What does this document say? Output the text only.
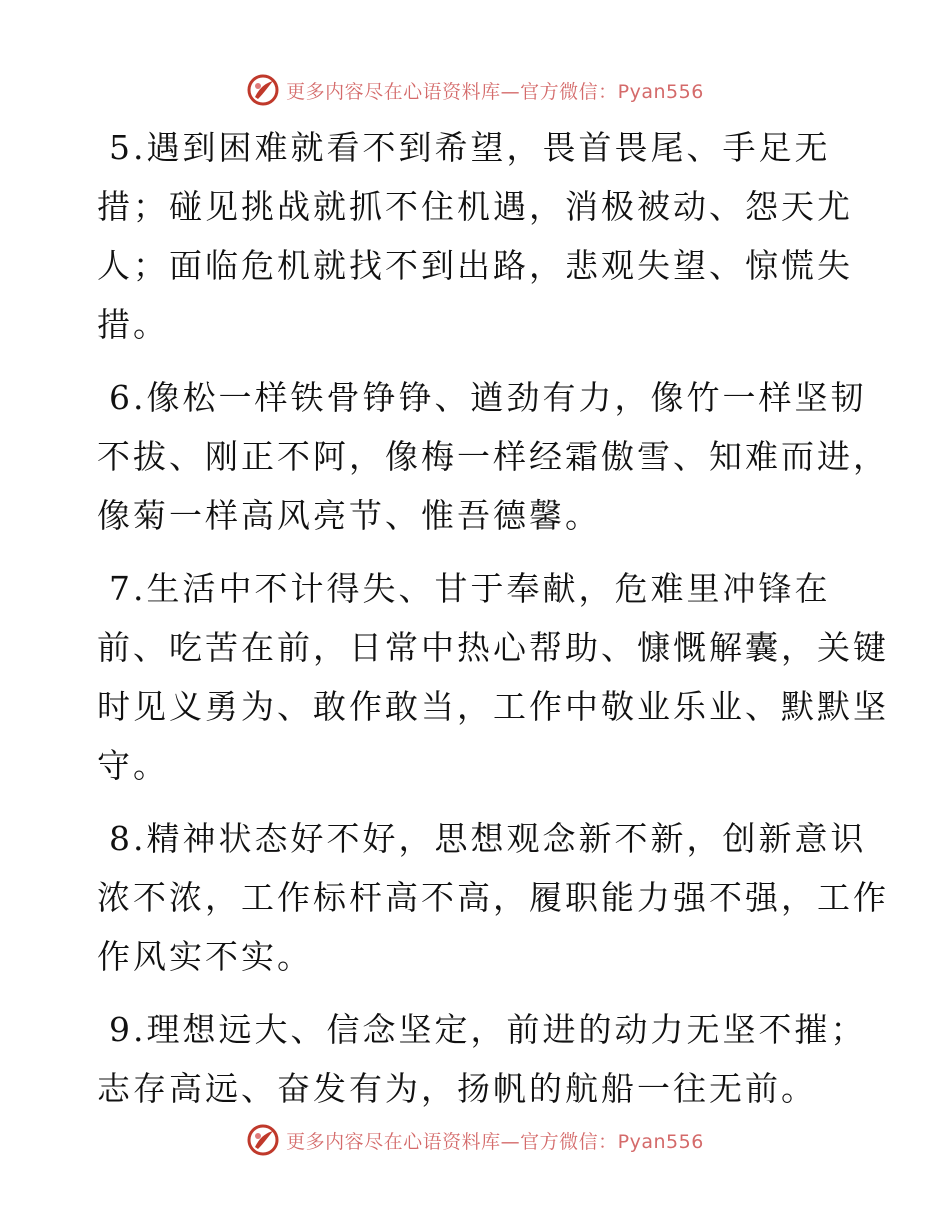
更多内容尽在心语资料库—官方微信：Pyan556
5.遇到困难就看不到希望，畏首畏尾、手足无
措；碰见挑战就抓不住机遇，消极被动、怨天尤
人；面临危机就找不到出路，悲观失望、惊慌失
措。
6.像松一样铁骨铮铮、遒劲有力，像竹一样坚韧
不拔、刚正不阿，像梅一样经霜傲雪、知难而进，
像菊一样高风亮节、惟吾德馨。
7.生活中不计得失、甘于奉献，危难里冲锋在
前、吃苦在前，日常中热心帮助、慷慨解囊，关键
时见义勇为、敢作敢当，工作中敬业乐业、默默坚
守。
8.精神状态好不好，思想观念新不新，创新意识
浓不浓，工作标杆高不高，履职能力强不强，工作
作风实不实。
9.理想远大、信念坚定，前进的动力无坚不摧；
志存高远、奋发有为，扬帆的航船一往无前。
更多内容尽在心语资料库—官方微信：Pyan556
